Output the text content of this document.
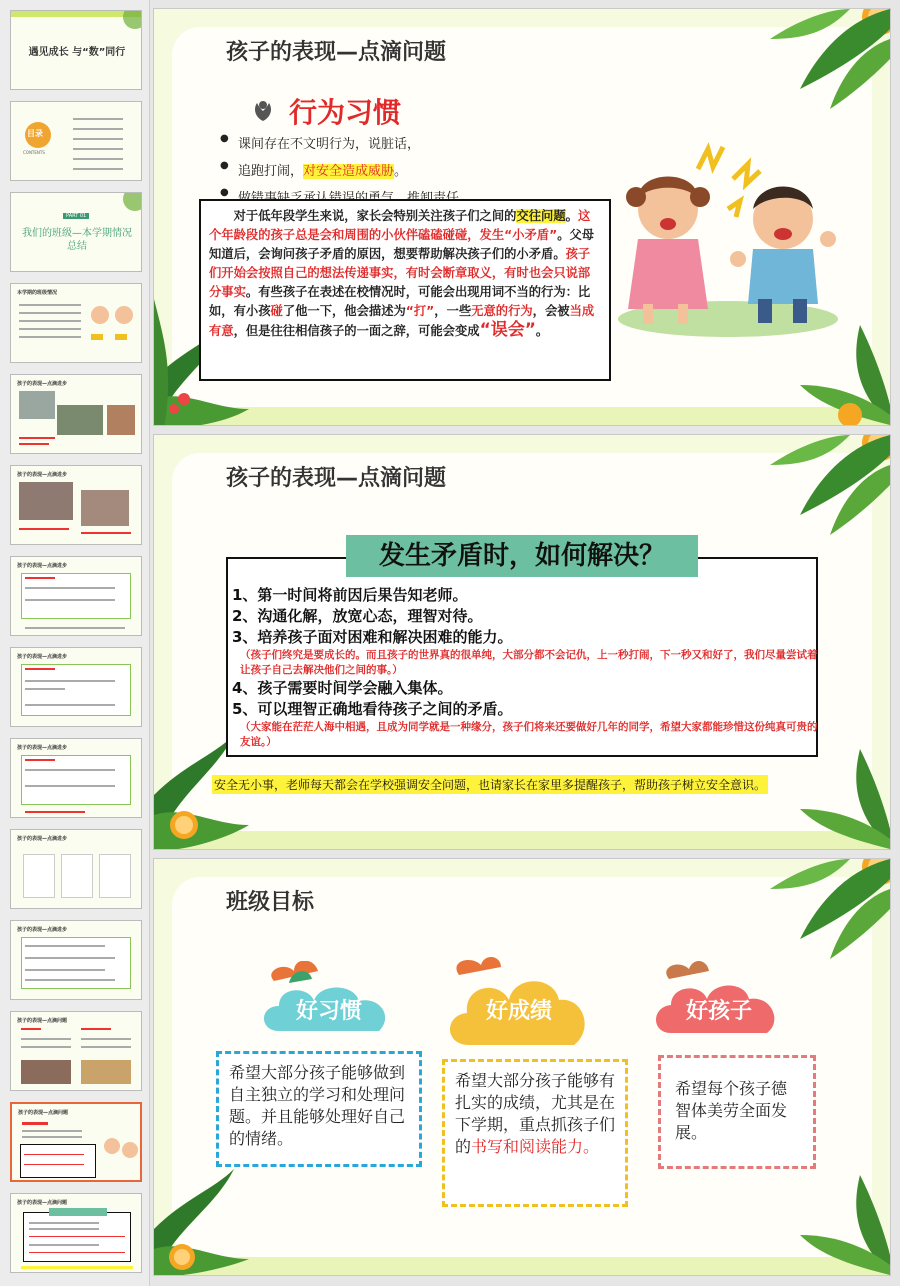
遇见成长 与“数”同行
目录
CONTENTS
PART 01
我们的班级—本学期情况总结
本学期的班级情况

孩子的表现—点滴进步
孩子的表现—点滴进步
孩子的表现—点滴进步
孩子的表现—点滴进步
孩子的表现—点滴进步
孩子的表现—点滴进步
孩子的表现—点滴进步
孩子的表现—点滴问题
孩子的表现—点滴问题
孩子的表现—点滴问题
孩子的表现—点滴问题
行为习惯
● 课间存在不文明行为，说脏话，
● 追跑打闹，对安全造成威胁。
●
对于低年段学生来说，家长会特别关注孩子们之间的交往问题。这个年龄段的孩子总是会和周围的小伙伴磕磕碰碰，发生“小矛盾”。父母知道后，会询问孩子矛盾的原因，想要帮助解决孩子们的小矛盾。孩子们开始会按照自己的想法传递事实，有时会断章取义，有时也会只说部分事实。有些孩子在表述在校情况时，可能会出现用词不当的行为：比如，有小孩碰了他一下，他会描述为“打”，一些无意的行为，会被当成有意，但是往往相信孩子的一面之辞，可能会变成“误会”。
孩子的表现—点滴问题
发生矛盾时，如何解决？
1、第一时间将前因后果告知老师。
2、沟通化解，放宽心态，理智对待。
3、培养孩子面对困难和解决困难的能力。
（孩子们终究是要成长的。而且孩子的世界真的很单纯，大部分都不会记仇，上一秒打闹，下一秒又和好了，我们尽量尝试着让孩子自己去解决他们之间的事。）
4、孩子需要时间学会融入集体。
5、可以理智正确地看待孩子之间的矛盾。
（大家能在茫茫人海中相遇，且成为同学就是一种缘分，孩子们将来还要做好几年的同学，希望大家都能珍惜这份纯真可贵的友谊。）
安全无小事，老师每天都会在学校强调安全问题，也请家长在家里多提醒孩子，帮助孩子树立安全意识。
班级目标
好习惯
希望大部分孩子能够做到自主独立的学习和处理问题。并且能够处理好自己的情绪。
好成绩
希望大部分孩子能够有扎实的成绩，尤其是在下学期，重点抓孩子们的书写和阅读能力。
好孩子
希望每个孩子德智体美劳全面发展。
